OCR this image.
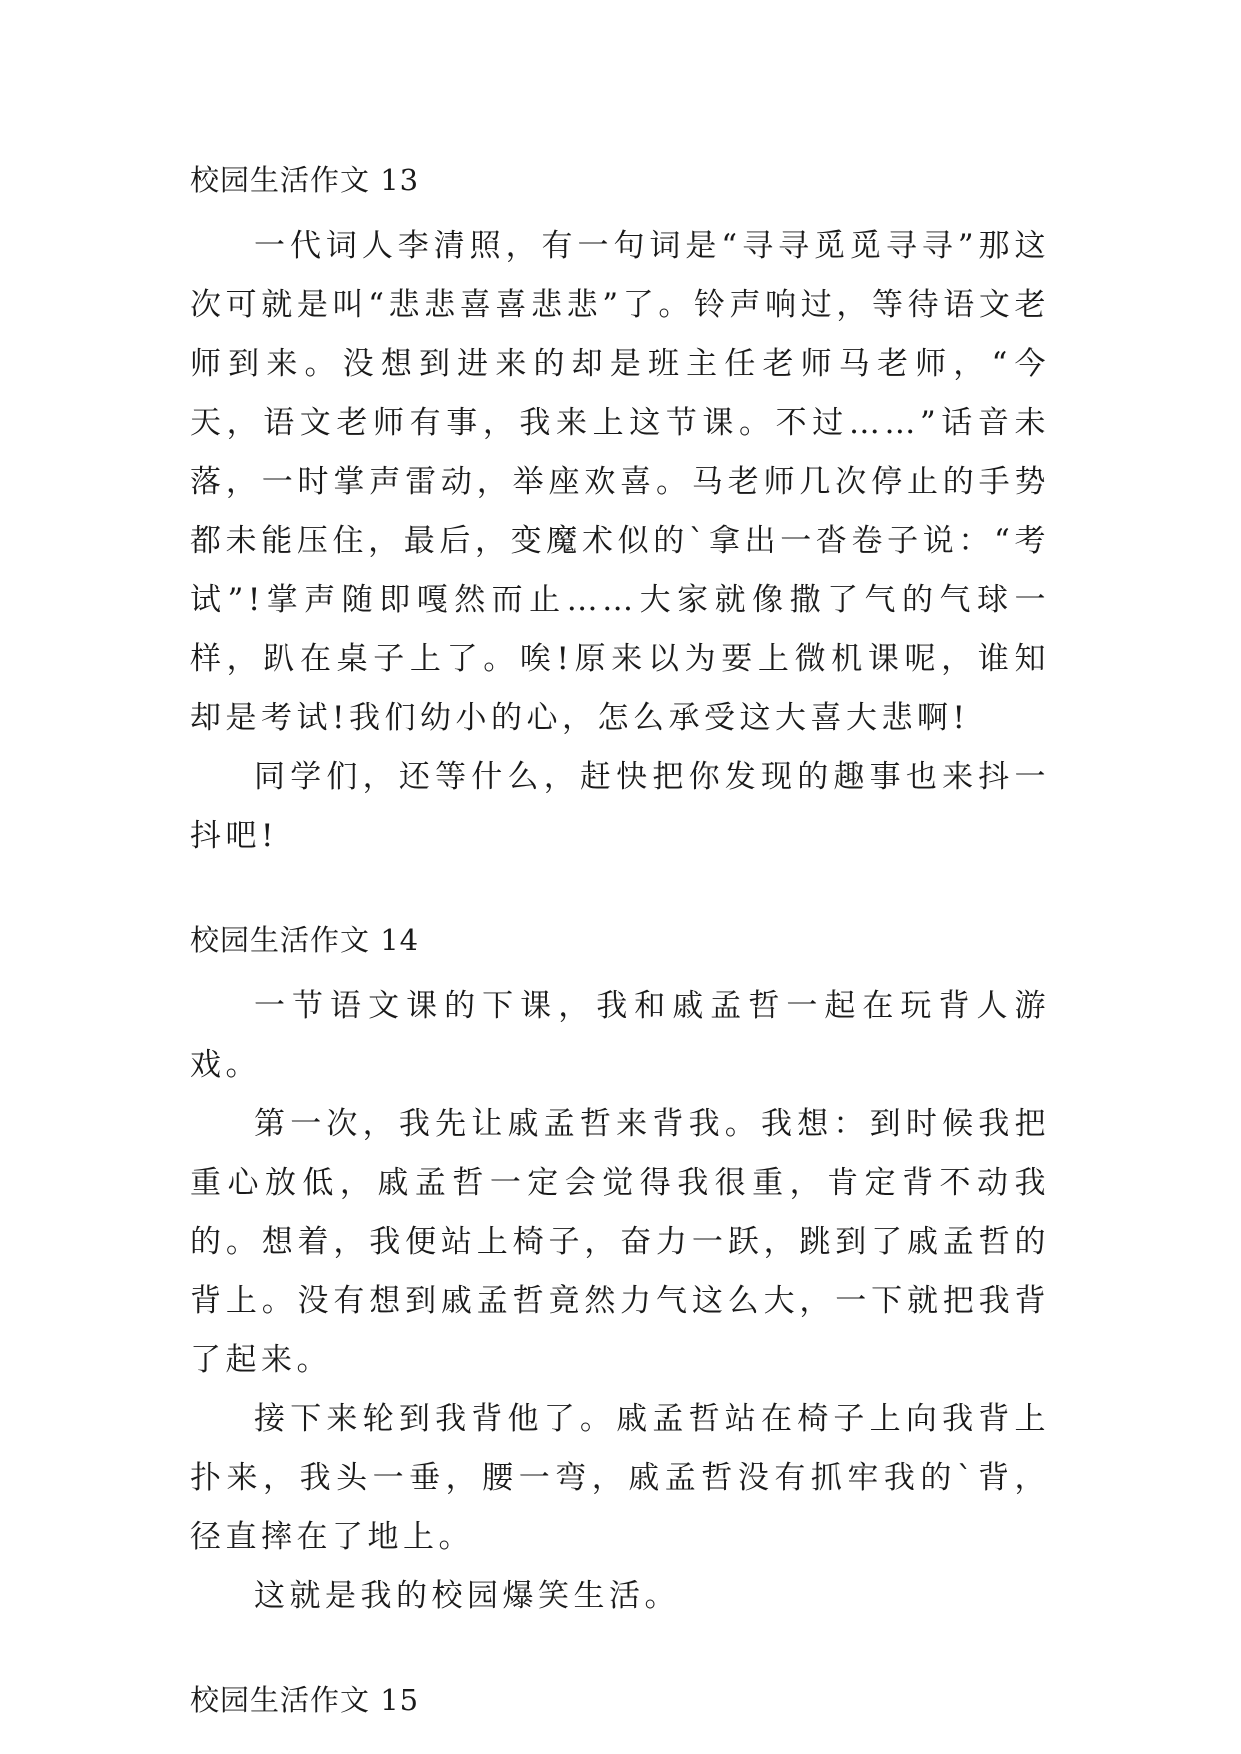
校园生活作文 13

一代词人李清照，有一句词是“寻寻觅觅寻寻”那这次可就是叫“悲悲喜喜悲悲”了。铃声响过，等待语文老师到来。没想到进来的却是班主任老师马老师，“今天，语文老师有事，我来上这节课。不过……”话音未落，一时掌声雷动，举座欢喜。马老师几次停止的手势都未能压住，最后，变魔术似的`拿出一沓卷子说：“考试”!掌声随即嘎然而止……大家就像撒了气的气球一样，趴在桌子上了。唉!原来以为要上微机课呢，谁知却是考试!我们幼小的心，怎么承受这大喜大悲啊!

同学们，还等什么，赶快把你发现的趣事也来抖一抖吧!

校园生活作文 14

一节语文课的下课，我和戚孟哲一起在玩背人游戏。

第一次，我先让戚孟哲来背我。我想：到时候我把重心放低，戚孟哲一定会觉得我很重，肯定背不动我的。想着，我便站上椅子，奋力一跃，跳到了戚孟哲的背上。没有想到戚孟哲竟然力气这么大，一下就把我背了起来。

接下来轮到我背他了。戚孟哲站在椅子上向我背上扑来，我头一垂，腰一弯，戚孟哲没有抓牢我的`背，径直摔在了地上。

这就是我的校园爆笑生活。

校园生活作文 15
